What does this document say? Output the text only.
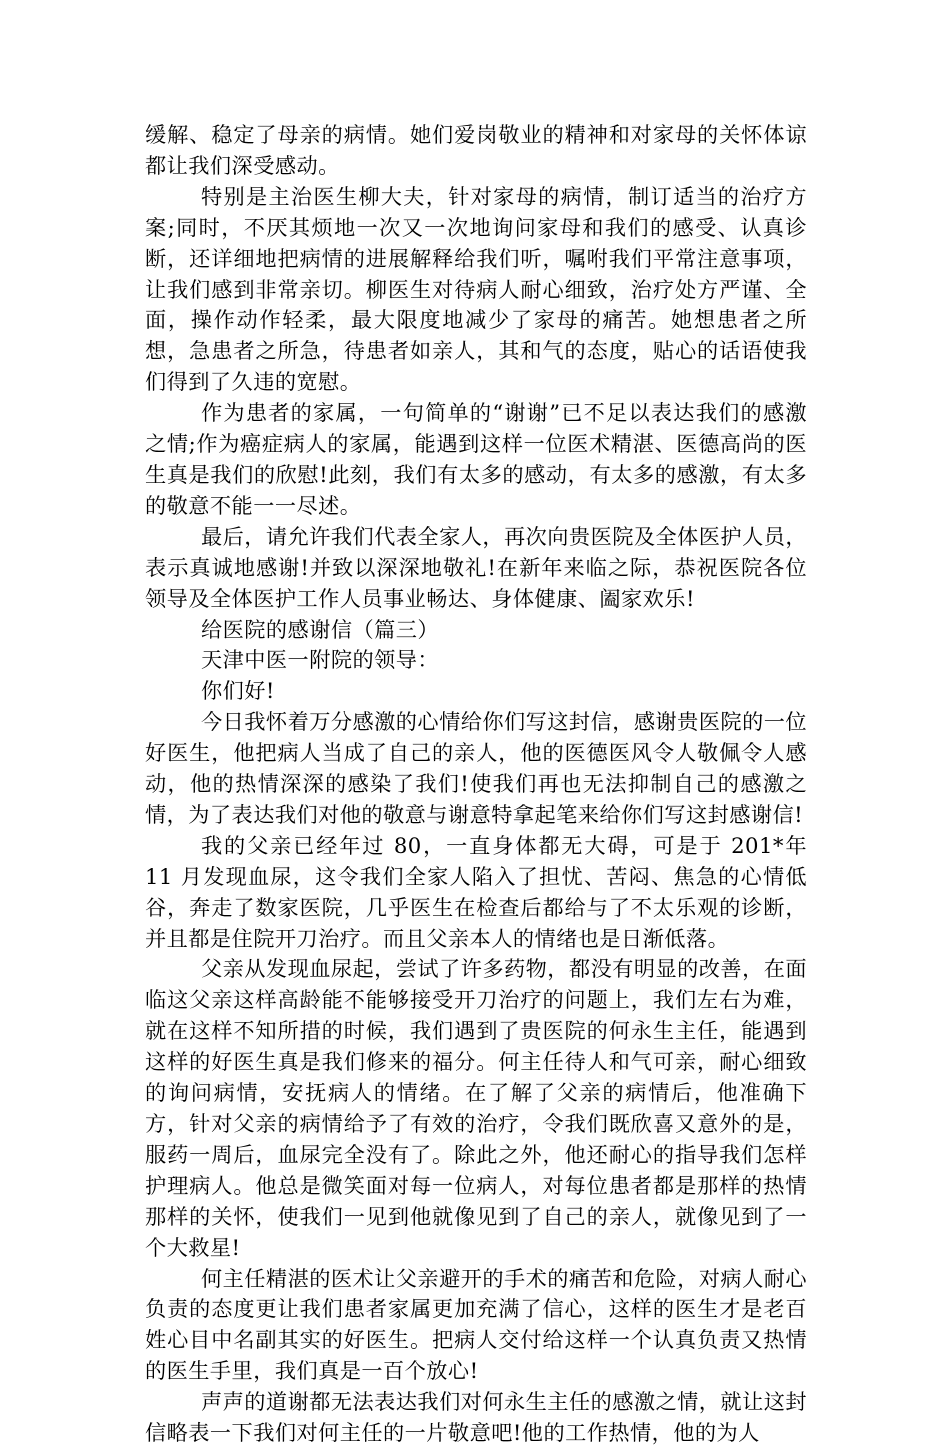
缓解、稳定了母亲的病情。她们爱岗敬业的精神和对家母的关怀体谅都让我们深受感动。

特别是主治医生柳大夫，针对家母的病情，制订适当的治疗方案;同时，不厌其烦地一次又一次地询问家母和我们的感受、认真诊断，还详细地把病情的进展解释给我们听，嘱咐我们平常注意事项，让我们感到非常亲切。柳医生对待病人耐心细致，治疗处方严谨、全面，操作动作轻柔，最大限度地减少了家母的痛苦。她想患者之所想，急患者之所急，待患者如亲人，其和气的态度，贴心的话语使我们得到了久违的宽慰。

作为患者的家属，一句简单的“谢谢”已不足以表达我们的感激之情;作为癌症病人的家属，能遇到这样一位医术精湛、医德高尚的医生真是我们的欣慰!此刻，我们有太多的感动，有太多的感激，有太多的敬意不能一一尽述。

最后，请允许我们代表全家人，再次向贵医院及全体医护人员，表示真诚地感谢!并致以深深地敬礼!在新年来临之际，恭祝医院各位领导及全体医护工作人员事业畅达、身体健康、阖家欢乐!

给医院的感谢信（篇三）

天津中医一附院的领导：

你们好!

今日我怀着万分感激的心情给你们写这封信，感谢贵医院的一位好医生，他把病人当成了自己的亲人，他的医德医风令人敬佩令人感动，他的热情深深的感染了我们!使我们再也无法抑制自己的感激之情，为了表达我们对他的敬意与谢意特拿起笔来给你们写这封感谢信!

我的父亲已经年过 80，一直身体都无大碍，可是于 201*年 11 月发现血尿，这令我们全家人陷入了担忧、苦闷、焦急的心情低谷，奔走了数家医院，几乎医生在检查后都给与了不太乐观的诊断，并且都是住院开刀治疗。而且父亲本人的情绪也是日渐低落。

父亲从发现血尿起，尝试了许多药物，都没有明显的改善，在面临这父亲这样高龄能不能够接受开刀治疗的问题上，我们左右为难，就在这样不知所措的时候，我们遇到了贵医院的何永生主任，能遇到这样的好医生真是我们修来的福分。何主任待人和气可亲，耐心细致的询问病情，安抚病人的情绪。在了解了父亲的病情后，他准确下方，针对父亲的病情给予了有效的治疗，令我们既欣喜又意外的是，服药一周后，血尿完全没有了。除此之外，他还耐心的指导我们怎样护理病人。他总是微笑面对每一位病人，对每位患者都是那样的热情那样的关怀，使我们一见到他就像见到了自己的亲人，就像见到了一个大救星!

何主任精湛的医术让父亲避开的手术的痛苦和危险，对病人耐心负责的态度更让我们患者家属更加充满了信心，这样的医生才是老百姓心目中名副其实的好医生。把病人交付给这样一个认真负责又热情的医生手里，我们真是一百个放心!

声声的道谢都无法表达我们对何永生主任的感激之情，就让这封信略表一下我们对何主任的一片敬意吧!他的工作热情，他的为人
